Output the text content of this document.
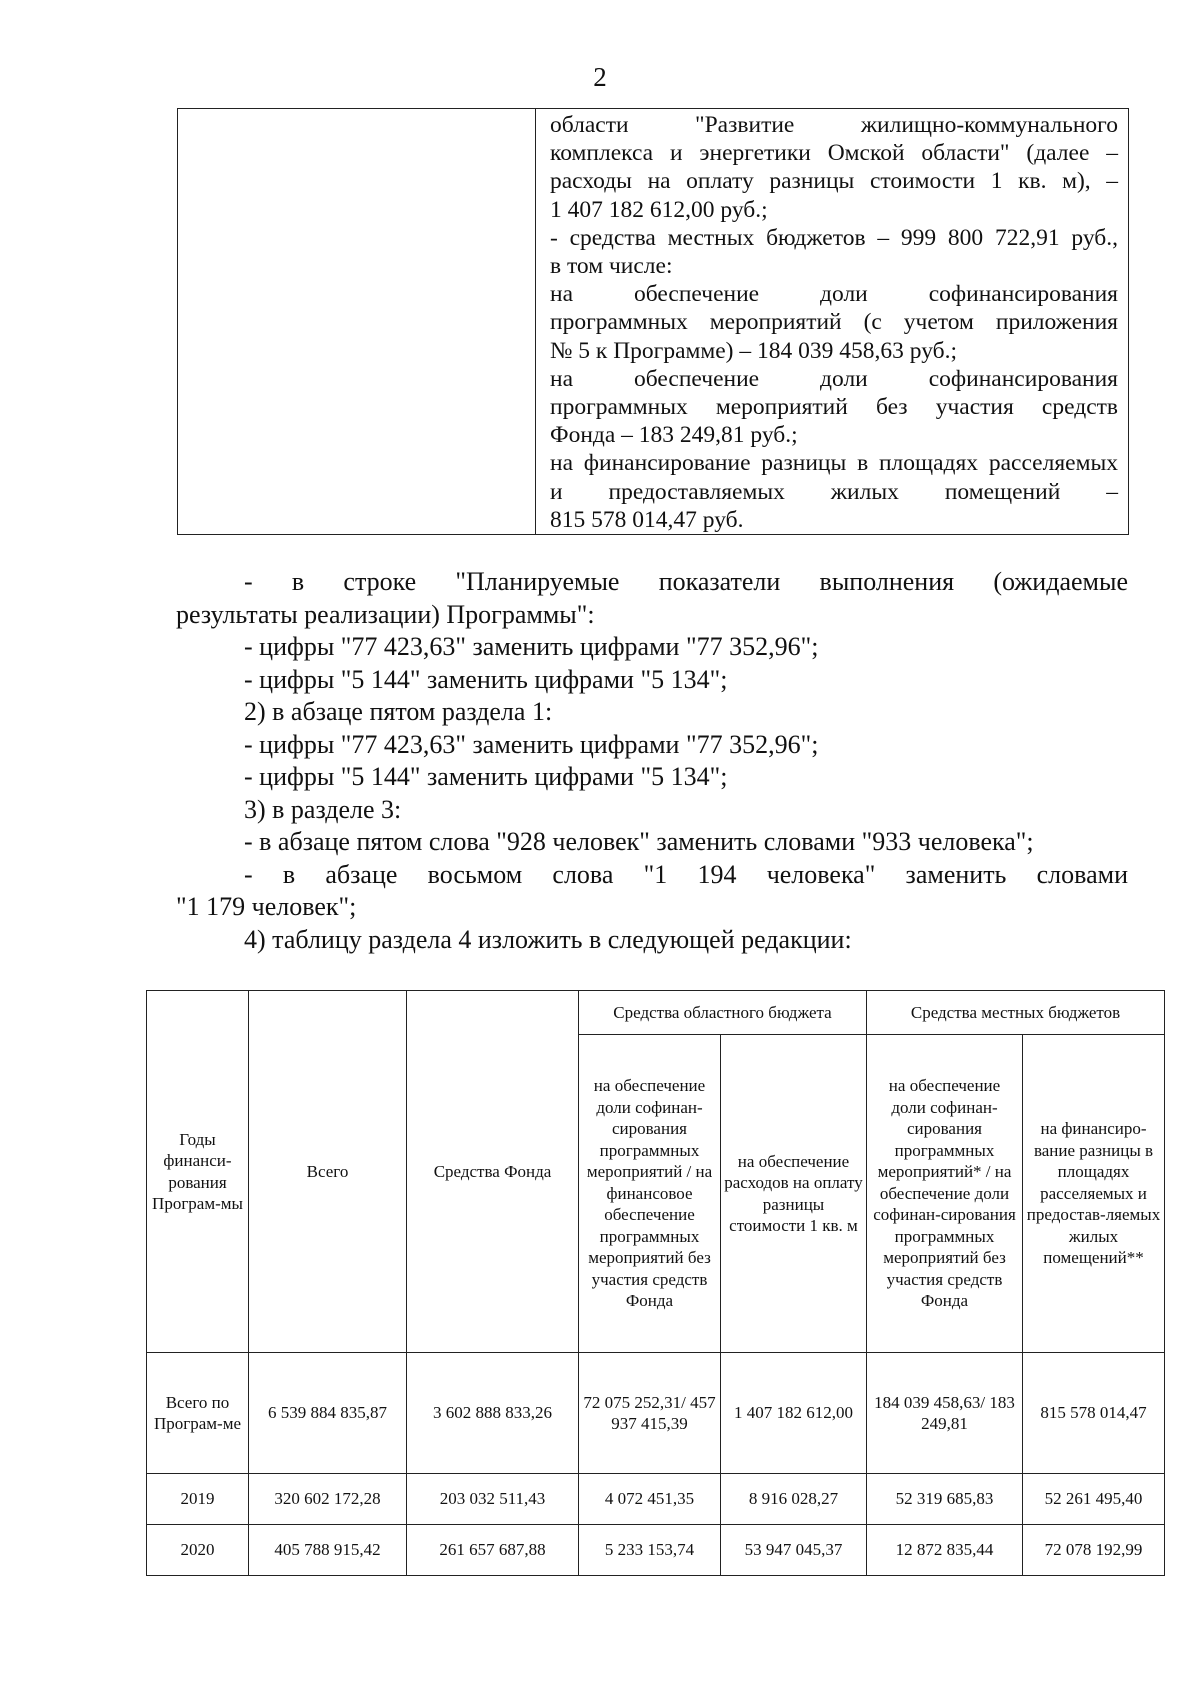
2

области "Развитие жилищно-коммунального
комплекса и энергетики Омской области" (далее –
расходы на оплату разницы стоимости 1 кв. м), –
1 407 182 612,00 руб.;
- средства местных бюджетов – 999 800 722,91 руб.,
в том числе:
на обеспечение доли софинансирования
программных мероприятий (с учетом приложения
№ 5 к Программе) – 184 039 458,63 руб.;
на обеспечение доли софинансирования
программных мероприятий без участия средств
Фонда – 183 249,81 руб.;
на финансирование разницы в площадях расселяемых
и предоставляемых жилых помещений –
815 578 014,47 руб.

- в строке "Планируемые показатели выполнения (ожидаемые

результаты реализации) Программы":

- цифры "77 423,63" заменить цифрами "77 352,96";

- цифры "5 144" заменить цифрами "5 134";

2) в абзаце пятом раздела 1:

- цифры "77 423,63" заменить цифрами "77 352,96";

- цифры "5 144" заменить цифрами "5 134";

3) в разделе 3:

- в абзаце пятом слова "928 человек" заменить словами "933 человека";

- в абзаце восьмом слова "1 194 человека" заменить словами

"1 179 человек";

4) таблицу раздела 4 изложить в следующей редакции:

Годы финанси-рования Програм-мы	Всего	Средства Фонда	Средства областного бюджета		Средства местных бюджетов	
			на обеспечение доли софинан-сирования программных мероприятий / на финансовое обеспечение программных мероприятий без участия средств Фонда	на обеспечение расходов на оплату разницы стоимости 1 кв. м	на обеспечение доли софинан-сирования программных мероприятий* / на обеспечение доли софинан-сирования программных мероприятий без участия средств Фонда	на финансиро-вание разницы в площадях расселяемых и предостав-ляемых жилых помещений**
Всего по Програм-ме	6 539 884 835,87	3 602 888 833,26	72 075 252,31/ 457 937 415,39	1 407 182 612,00	184 039 458,63/ 183 249,81	815 578 014,47
2019	320 602 172,28	203 032 511,43	4 072 451,35	8 916 028,27	52 319 685,83	52 261 495,40
2020	405 788 915,42	261 657 687,88	5 233 153,74	53 947 045,37	12 872 835,44	72 078 192,99
